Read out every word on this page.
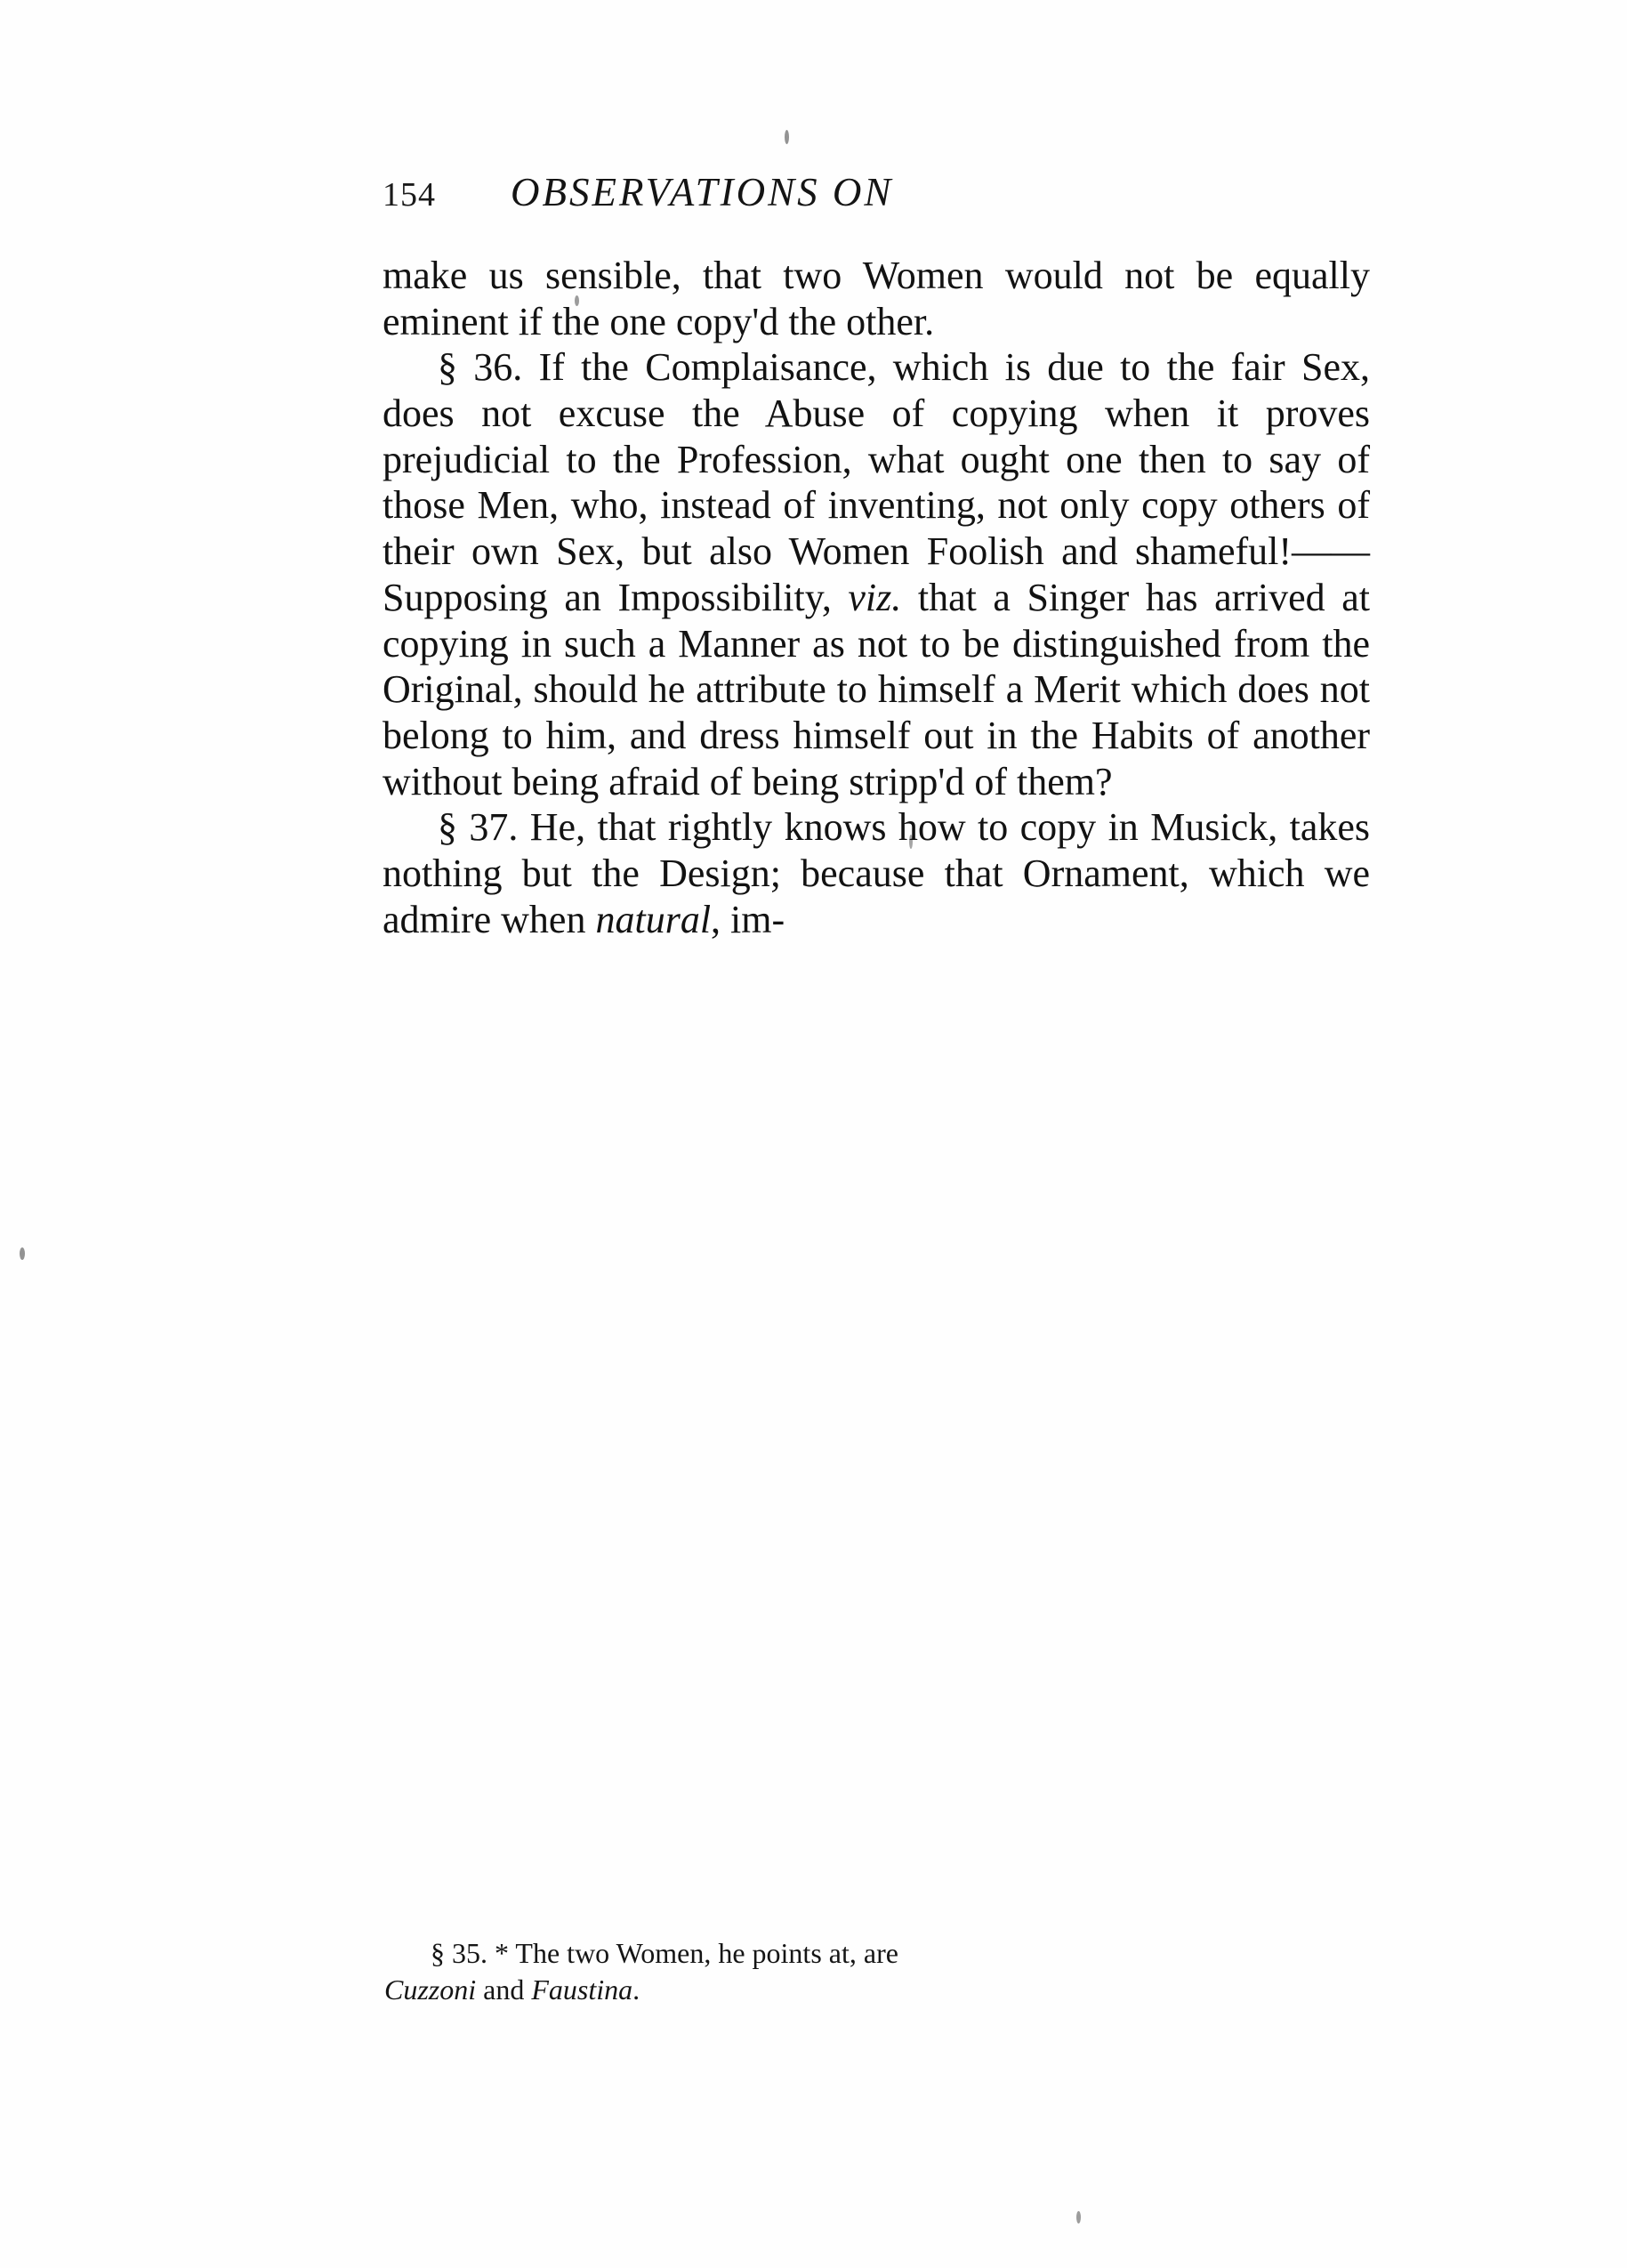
154	OBSERVATIONS ON

make us sensible, that two Women would not be equally eminent if the one copy'd the other.

§ 36. If the Complaisance, which is due to the fair Sex, does not excuse the Abuse of copying when it proves prejudicial to the Profession, what ought one then to say of those Men, who, instead of inventing, not only copy others of their own Sex, but also Women Foolish and shameful!—— Supposing an Impossibility, viz. that a Singer has arrived at copying in such a Manner as not to be distinguished from the Original, should he attribute to himself a Merit which does not belong to him, and dress himself out in the Habits of another without being afraid of being stripp'd of them?

§ 37. He, that rightly knows how to copy in Musick, takes nothing but the Design; because that Ornament, which we admire when natural, im-

§ 35. * The two Women, he points at, are

Cuzzoni and Faustina.
